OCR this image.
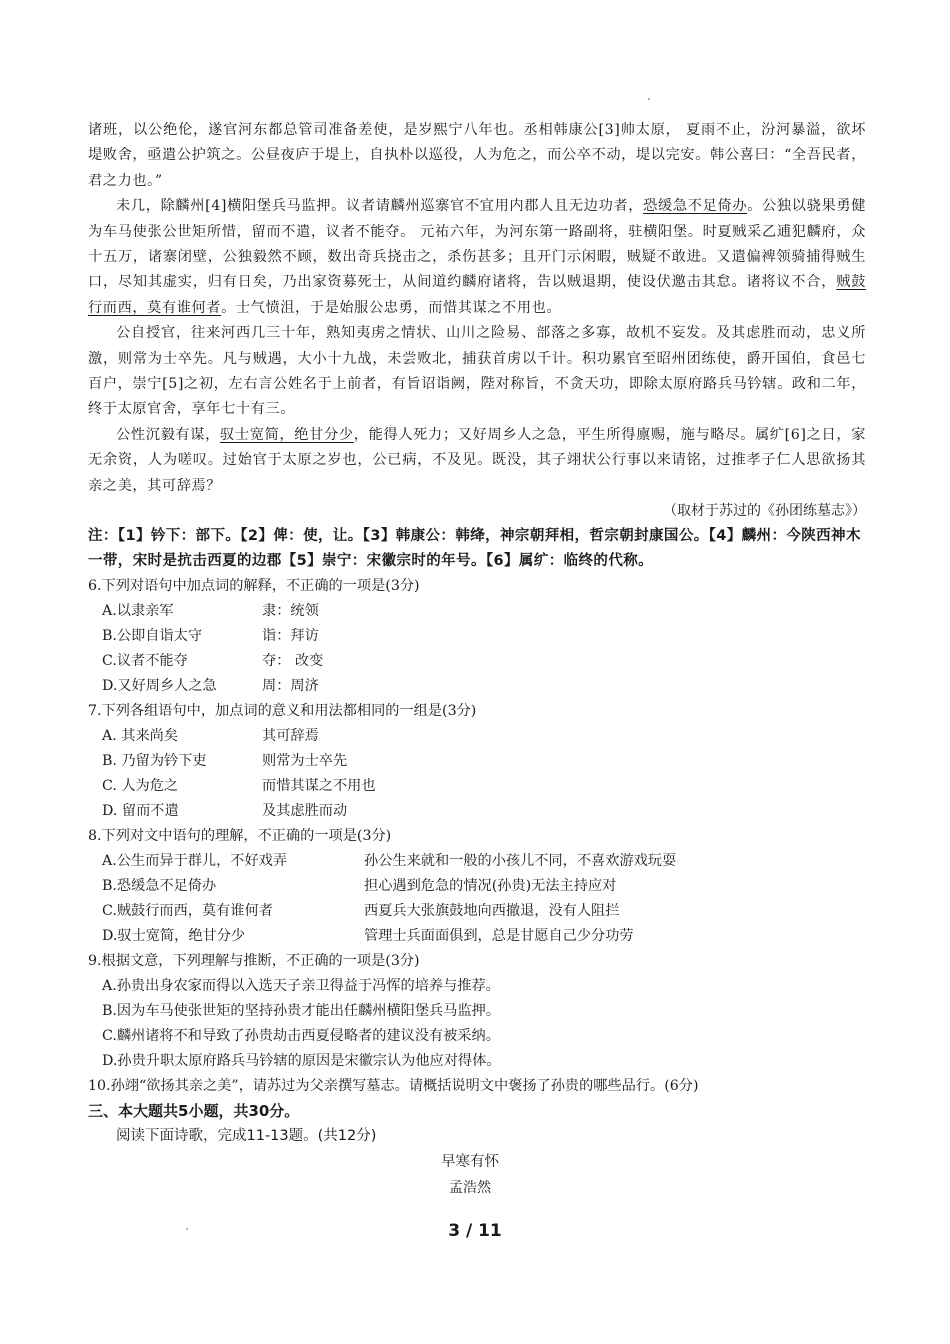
诸班，以公绝伦，遂官河东都总管司准备差使，是岁熙宁八年也。丞相韩康公[3]帅太原， 夏雨不止，汾河暴溢，欲坏堤败舍，亟遣公护筑之。公昼夜庐于堤上，自执朴以巡役，人为危之，而公卒不动，堤以完安。韩公喜曰：“全吾民者，君之力也。”

未几，除麟州[4]横阳堡兵马监押。议者请麟州巡寨官不宜用内郡人且无边功者，恐缓急不足倚办。公独以骁果勇健为车马使张公世矩所惜，留而不遣，议者不能夺。 元祐六年，为河东第一路副将，驻横阳堡。时夏贼采乙逋犯麟府，众十五万，诸寨闭壁，公独毅然不顾，数出奇兵挠击之，杀伤甚多；且开门示闲暇，贼疑不敢进。又遣偏裨领骑捕得贼生口，尽知其虚实，归有日矣，乃出家资募死士，从间道约麟府诸将，告以贼退期，使设伏邀击其怠。诸将议不合，贼鼓行而西，莫有谁何者。士气愤沮，于是始服公忠勇，而惜其谋之不用也。

公自授官，往来河西几三十年，熟知夷虏之情状、山川之险易、部落之多寡，故机不妄发。及其虑胜而动，忠义所激，则常为士卒先。凡与贼遇，大小十九战，未尝败北，捕获首虏以千计。积功累官至昭州团练使，爵开国伯，食邑七百户，崇宁[5]之初，左右言公姓名于上前者，有旨诏诣阙，陛对称旨，不贪天功，即除太原府路兵马钤辖。政和二年，终于太原官舍，享年七十有三。

公性沉毅有谋，驭士宽简，绝甘分少，能得人死力；又好周乡人之急，平生所得廪赐，施与略尽。属纩[6]之日，家无余资，人为嗟叹。过始官于太原之岁也，公已病，不及见。既没，其子翊状公行事以来请铭，过推孝子仁人思欲扬其亲之美，其可辞焉？

（取材于苏过的《孙团练墓志》）

注：【1】钤下：部下。【2】俾：使，让。【3】韩康公：韩绛，神宗朝拜相，哲宗朝封康国公。【4】麟州：今陕西神木一带，宋时是抗击西夏的边郡【5】崇宁：宋徽宗时的年号。【6】属纩：临终的代称。

6.下列对语句中加点词的解释，不正确的一项是(3分)

A.以隶亲军	隶：统领
B.公即自诣太守	诣：拜访
C.议者不能夺	夺： 改变
D.又好周乡人之急	周：周济

7.下列各组语句中，加点词的意义和用法都相同的一组是(3分)

A. 其来尚矣	其可辞焉
B. 乃留为钤下吏	则常为士卒先
C. 人为危之	而惜其谋之不用也
D. 留而不遣	及其虑胜而动

8.下列对文中语句的理解，不正确的一项是(3分)

A.公生而异于群儿，不好戏弄	孙公生来就和一般的小孩儿不同，不喜欢游戏玩耍
B.恐缓急不足倚办	担心遇到危急的情况(孙贵)无法主持应对
C.贼鼓行而西，莫有谁何者	西夏兵大张旗鼓地向西撤退，没有人阻拦
D.驭士宽简，绝甘分少	管理士兵面面俱到，总是甘愿自己少分功劳

9.根据文意，下列理解与推断，不正确的一项是(3分)

A.孙贵出身农家而得以入选天子亲卫得益于冯恽的培养与推荐。
B.因为车马使张世矩的坚持孙贵才能出任麟州横阳堡兵马监押。
C.麟州诸将不和导致了孙贵劫击西夏侵略者的建议没有被采纳。
D.孙贵升职太原府路兵马钤辖的原因是宋徽宗认为他应对得体。

10.孙翊“欲扬其亲之美”，请苏过为父亲撰写墓志。请概括说明文中褒扬了孙贵的哪些品行。(6分)

三、本大题共5小题，共30分。

阅读下面诗歌，完成11-13题。(共12分)

早寒有怀

孟浩然

3 / 11
